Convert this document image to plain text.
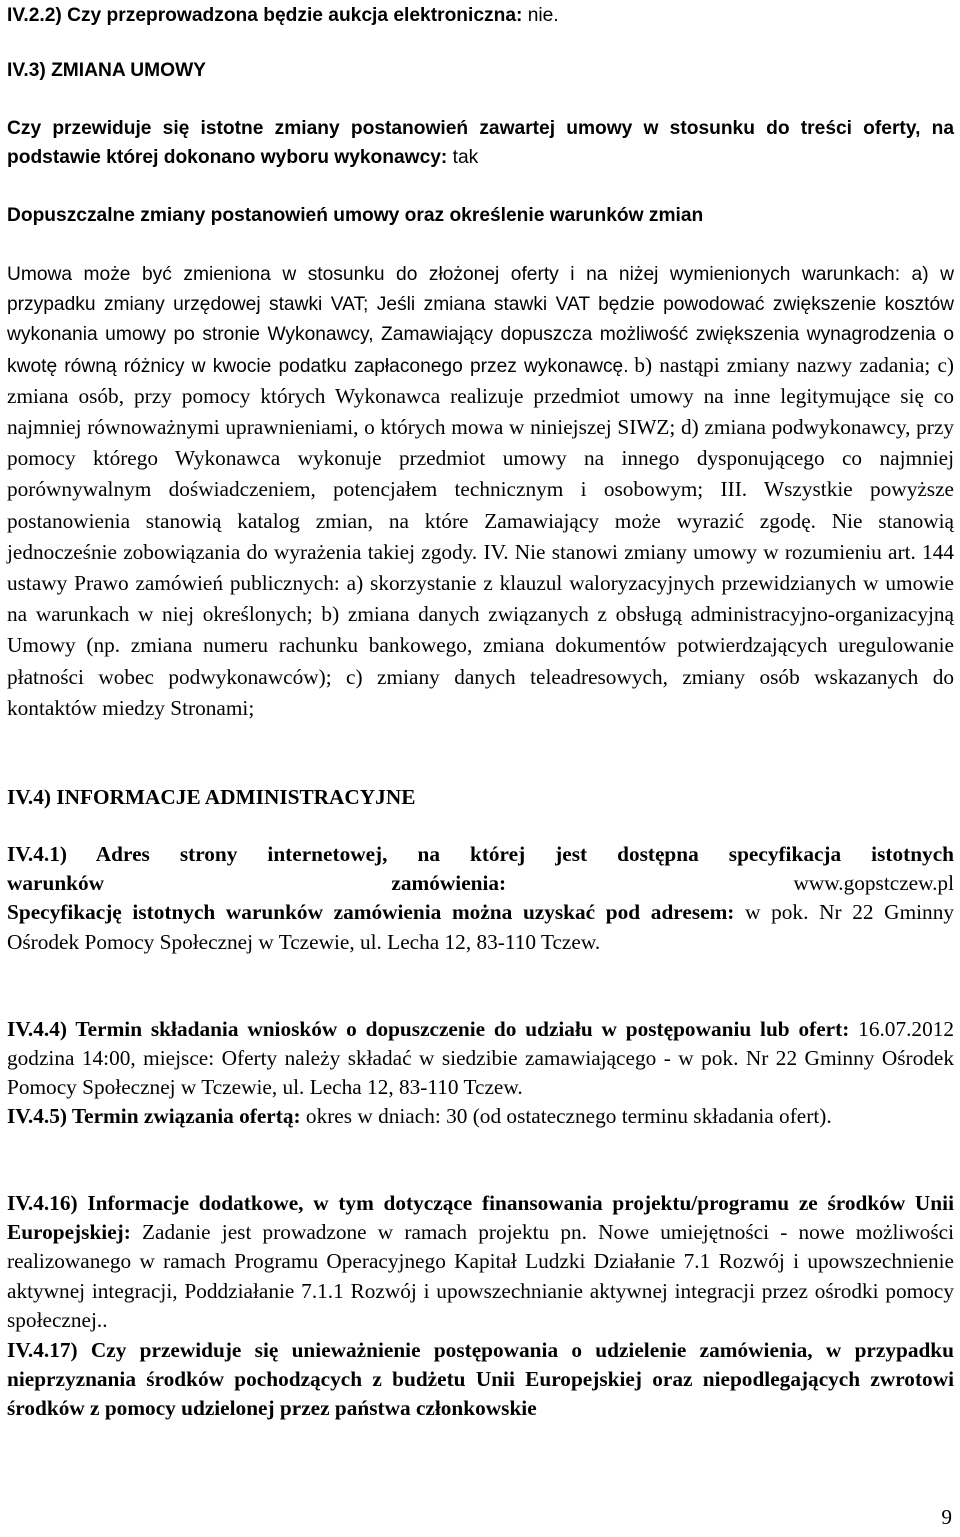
IV.2.2) Czy przeprowadzona będzie aukcja elektroniczna: nie.

IV.3) ZMIANA UMOWY

Czy przewiduje się istotne zmiany postanowień zawartej umowy w stosunku do treści oferty, na podstawie której dokonano wyboru wykonawcy: tak

Dopuszczalne zmiany postanowień umowy oraz określenie warunków zmian

Umowa może być zmieniona w stosunku do złożonej oferty i na niżej wymienionych warunkach: a) w przypadku zmiany urzędowej stawki VAT; Jeśli zmiana stawki VAT będzie powodować zwiększenie kosztów wykonania umowy po stronie Wykonawcy, Zamawiający dopuszcza możliwość zwiększenia wynagrodzenia o kwotę równą różnicy w kwocie podatku zapłaconego przez wykonawcę. b) nastąpi zmiany nazwy zadania; c) zmiana osób, przy pomocy których Wykonawca realizuje przedmiot umowy na inne legitymujące się co najmniej równoważnymi uprawnieniami, o których mowa w niniejszej SIWZ; d) zmiana podwykonawcy, przy pomocy którego Wykonawca wykonuje przedmiot umowy na innego dysponującego co najmniej porównywalnym doświadczeniem, potencjałem technicznym i osobowym; III. Wszystkie powyższe postanowienia stanowią katalog zmian, na które Zamawiający może wyrazić zgodę. Nie stanowią jednocześnie zobowiązania do wyrażenia takiej zgody. IV. Nie stanowi zmiany umowy w rozumieniu art. 144 ustawy Prawo zamówień publicznych: a) skorzystanie z klauzul waloryzacyjnych przewidzianych w umowie na warunkach w niej określonych; b) zmiana danych związanych z obsługą administracyjno-organizacyjną Umowy (np. zmiana numeru rachunku bankowego, zmiana dokumentów potwierdzających uregulowanie płatności wobec podwykonawców); c) zmiany danych teleadresowych, zmiany osób wskazanych do kontaktów miedzy Stronami;

IV.4) INFORMACJE ADMINISTRACYJNE

IV.4.1) Adres strony internetowej, na której jest dostępna specyfikacja istotnych
warunków	zamówienia:	www.gopstczew.pl
Specyfikację istotnych warunków zamówienia można uzyskać pod adresem: w pok. Nr 22 Gminny Ośrodek Pomocy Społecznej w Tczewie, ul. Lecha 12, 83-110 Tczew.

IV.4.4) Termin składania wniosków o dopuszczenie do udziału w postępowaniu lub ofert: 16.07.2012 godzina 14:00, miejsce: Oferty należy składać w siedzibie zamawiającego - w pok. Nr 22 Gminny Ośrodek Pomocy Społecznej w Tczewie, ul. Lecha 12, 83-110 Tczew.

IV.4.5) Termin związania ofertą: okres w dniach: 30 (od ostatecznego terminu składania ofert).

IV.4.16) Informacje dodatkowe, w tym dotyczące finansowania projektu/programu ze środków Unii Europejskiej: Zadanie jest prowadzone w ramach projektu pn. Nowe umiejętności - nowe możliwości realizowanego w ramach Programu Operacyjnego Kapitał Ludzki Działanie 7.1 Rozwój i upowszechnienie aktywnej integracji, Poddziałanie 7.1.1 Rozwój i upowszechnianie aktywnej integracji przez ośrodki pomocy społecznej..

IV.4.17) Czy przewiduje się unieważnienie postępowania o udzielenie zamówienia, w przypadku nieprzyznania środków pochodzących z budżetu Unii Europejskiej oraz niepodlegających zwrotowi środków z pomocy udzielonej przez państwa członkowskie

9
